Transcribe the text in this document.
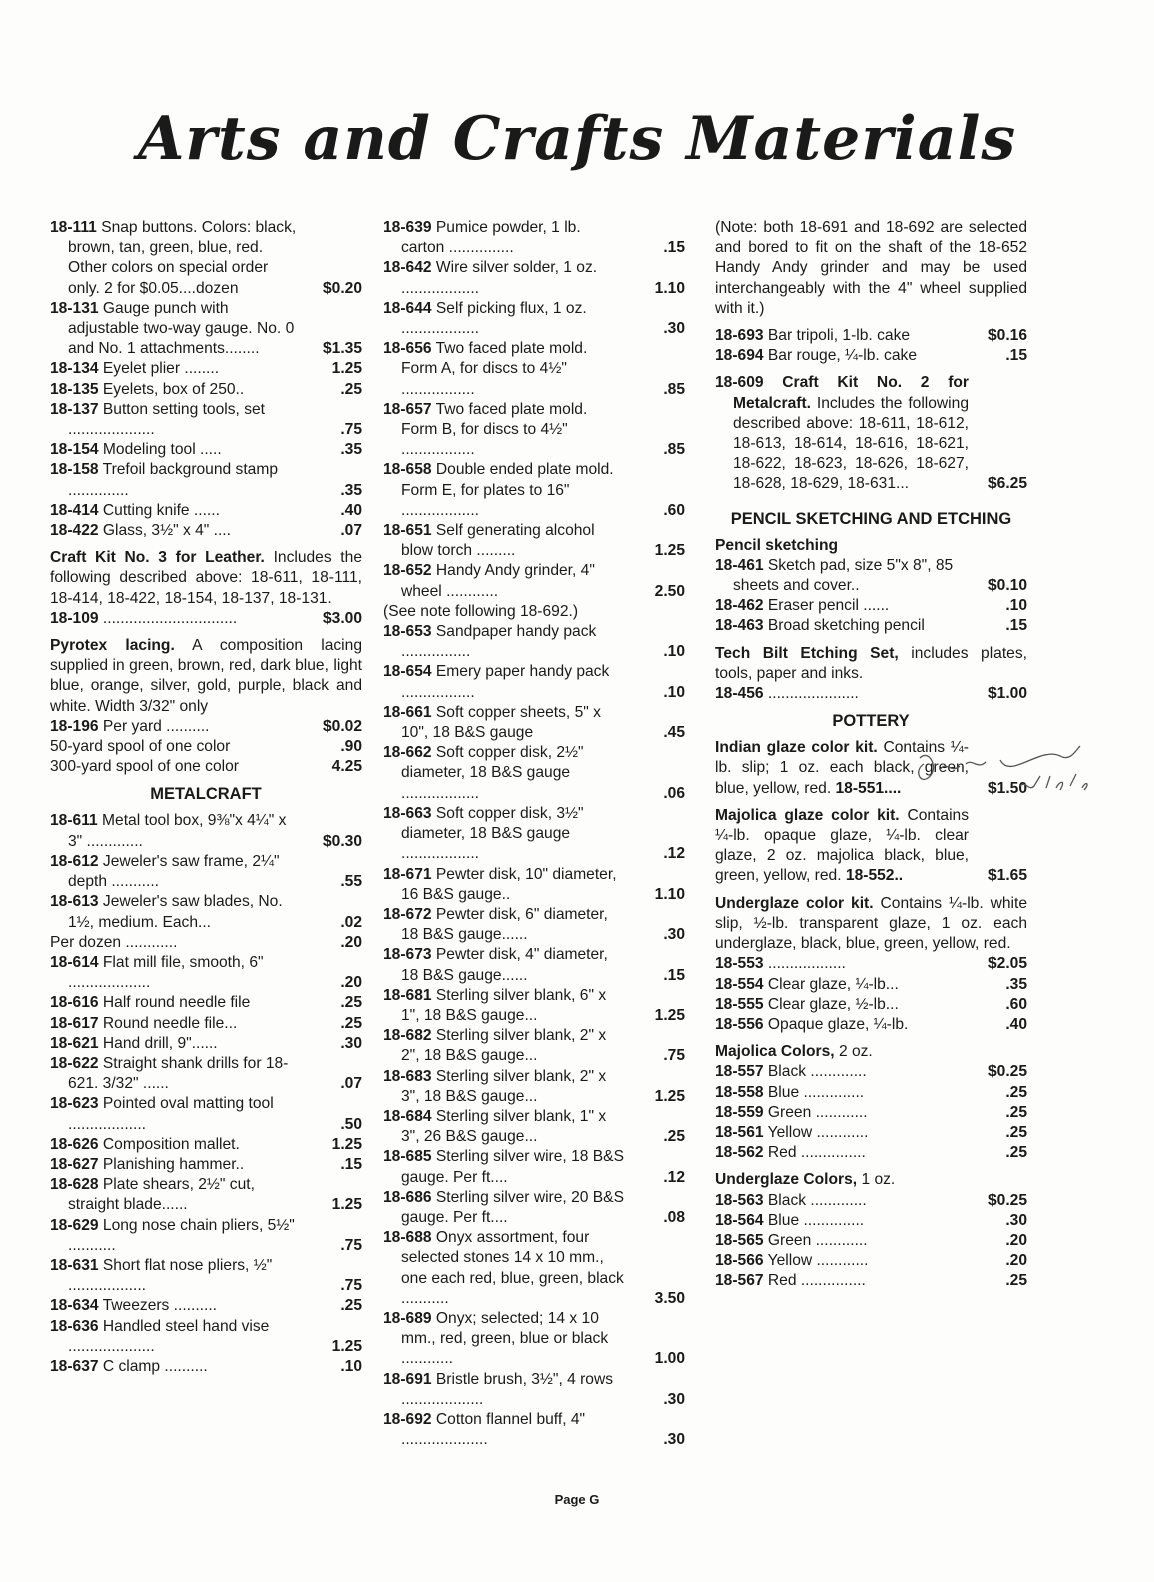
Arts and Crafts Materials
18-111 Snap buttons. Colors: black, brown, tan, green, blue, red. Other colors on special order only. 2 for $0.05....dozen	$0.20
18-131 Gauge punch with adjustable two-way gauge. No. 0 and No. 1 attachments........	$1.35
18-134 Eyelet plier ........	1.25
18-135 Eyelets, box of 250..	.25
18-137 Button setting tools, set ....................	.75
18-154 Modeling tool .....	.35
18-158 Trefoil background stamp ..............	.35
18-414 Cutting knife ......	.40
18-422 Glass, 3½" x 4" ....	.07
Craft Kit No. 3 for Leather. Includes the following described above: 18-611, 18-111, 18-414, 18-422, 18-154, 18-137, 18-131.
18-109 ...............................	$3.00
Pyrotex lacing. A composition lacing supplied in green, brown, red, dark blue, light blue, orange, silver, gold, purple, black and white. Width 3/32" only
18-196 Per yard ..........	$0.02
50-yard spool of one color	.90
300-yard spool of one color	4.25
METALCRAFT
18-611 Metal tool box, 9⅜"x 4¼" x 3" .............	$0.30
18-612 Jeweler's saw frame, 2¼" depth ...........	.55
18-613 Jeweler's saw blades, No. 1½, medium. Each...	.02
Per dozen ............	.20
18-614 Flat mill file, smooth, 6" ...................	.20
18-616 Half round needle file	.25
18-617 Round needle file...	.25
18-621 Hand drill, 9"......	.30
18-622 Straight shank drills for 18-621. 3/32" ......	.07
18-623 Pointed oval matting tool ..................	.50
18-626 Composition mallet.	1.25
18-627 Planishing hammer..	.15
18-628 Plate shears, 2½" cut, straight blade......	1.25
18-629 Long nose chain pliers, 5½" ...........	.75
18-631 Short flat nose pliers, ½" ..................	.75
18-634 Tweezers ..........	.25
18-636 Handled steel hand vise ....................	1.25
18-637 C clamp ..........	.10
18-639 Pumice powder, 1 lb. carton ...............	.15
18-642 Wire silver solder, 1 oz. ..................	1.10
18-644 Self picking flux, 1 oz. ..................	.30
18-656 Two faced plate mold. Form A, for discs to 4½" .................	.85
18-657 Two faced plate mold. Form B, for discs to 4½" .................	.85
18-658 Double ended plate mold. Form E, for plates to 16" ..................	.60
18-651 Self generating alcohol blow torch .........	1.25
18-652 Handy Andy grinder, 4" wheel ............	2.50
(See note following 18-692.)
18-653 Sandpaper handy pack ................	.10
18-654 Emery paper handy pack .................	.10
18-661 Soft copper sheets, 5" x 10", 18 B&S gauge	.45
18-662 Soft copper disk, 2½" diameter, 18 B&S gauge ..................	.06
18-663 Soft copper disk, 3½" diameter, 18 B&S gauge ..................	.12
18-671 Pewter disk, 10" diameter, 16 B&S gauge..	1.10
18-672 Pewter disk, 6" diameter, 18 B&S gauge......	.30
18-673 Pewter disk, 4" diameter, 18 B&S gauge......	.15
18-681 Sterling silver blank, 6" x 1", 18 B&S gauge...	1.25
18-682 Sterling silver blank, 2" x 2", 18 B&S gauge...	.75
18-683 Sterling silver blank, 2" x 3", 18 B&S gauge...	1.25
18-684 Sterling silver blank, 1" x 3", 26 B&S gauge...	.25
18-685 Sterling silver wire, 18 B&S gauge. Per ft....	.12
18-686 Sterling silver wire, 20 B&S gauge. Per ft....	.08
18-688 Onyx assortment, four selected stones 14 x 10 mm., one each red, blue, green, black ...........	3.50
18-689 Onyx; selected; 14 x 10 mm., red, green, blue or black ............	1.00
18-691 Bristle brush, 3½", 4 rows ...................	.30
18-692 Cotton flannel buff, 4" ....................	.30
(Note: both 18-691 and 18-692 are selected and bored to fit on the shaft of the 18-652 Handy Andy grinder and may be used interchangeably with the 4" wheel supplied with it.)
18-693 Bar tripoli, 1-lb. cake	$0.16
18-694 Bar rouge, ¼-lb. cake	.15
18-609 Craft Kit No. 2 for Metalcraft. Includes the following described above: 18-611, 18-612, 18-613, 18-614, 18-616, 18-621, 18-622, 18-623, 18-626, 18-627, 18-628, 18-629, 18-631...	$6.25
PENCIL SKETCHING AND ETCHING
Pencil sketching
18-461 Sketch pad, size 5"x 8", 85 sheets and cover..	$0.10
18-462 Eraser pencil ......	.10
18-463 Broad sketching pencil	.15
Tech Bilt Etching Set, includes plates, tools, paper and inks.
18-456 .....................	$1.00
POTTERY
Indian glaze color kit. Contains ¼-lb. slip; 1 oz. each black, green, blue, yellow, red. 18-551....	$1.50
Majolica glaze color kit. Contains ¼-lb. opaque glaze, ¼-lb. clear glaze, 2 oz. majolica black, blue, green, yellow, red. 18-552..	$1.65
Underglaze color kit. Contains ¼-lb. white slip, ½-lb. transparent glaze, 1 oz. each underglaze, black, blue, green, yellow, red.
18-553 ..................	$2.05
18-554 Clear glaze, ¼-lb...	.35
18-555 Clear glaze, ½-lb...	.60
18-556 Opaque glaze, ¼-lb.	.40
Majolica Colors, 2 oz.
18-557 Black .............	$0.25
18-558 Blue ..............	.25
18-559 Green ............	.25
18-561 Yellow ............	.25
18-562 Red ...............	.25
Underglaze Colors, 1 oz.
18-563 Black .............	$0.25
18-564 Blue ..............	.30
18-565 Green ............	.20
18-566 Yellow ............	.20
18-567 Red ...............	.25
Page G
